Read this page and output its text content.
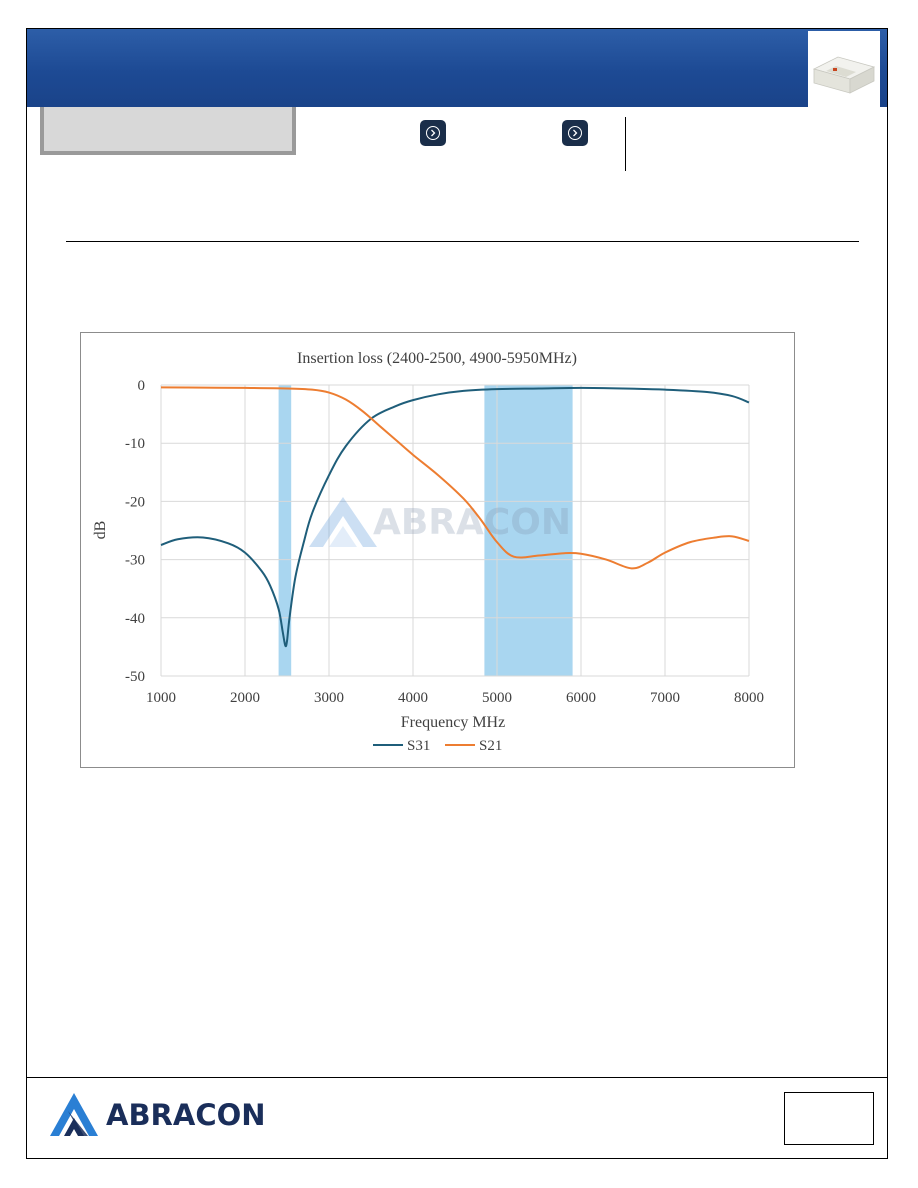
ABRACON
0
-10
-20
-30
-40
-50
1000	2000	3000	4000	5000	6000	7000	8000
Insertion loss (2400-2500, 4900-5950MHz)
dB
Frequency MHz
S31	S21
ABRACON
